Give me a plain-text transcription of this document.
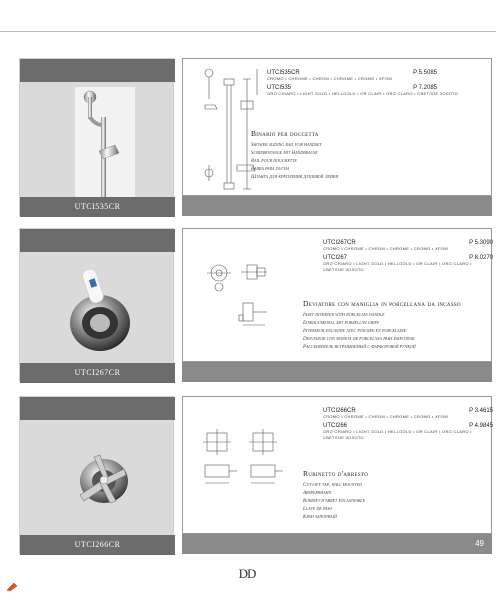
UTCI535CR
UTCI535CR	P 5.5085
CROMO • CHROME • CHROM • CHROME • CROMO • XPOM
UTCI535	P 7.2085
ORO CHIARO • LIGHT GOLD • HELLGOLD • OR CLAIR • ORO CLARO • СВЕТЛОЕ ЗОЛОТО
Binario per doccetta
Shower sliding rail for handset
Schiebestange mit Handbrause
Rail pour douchette
Barra para ducha
Штанга для крепления душевой лейки
UTCI267CR
UTCI267CR	P 5.3090
CROMO • CHROME • CHROM • CHROME • CROMO • XPOM
UTCI267	P 8.0270
ORO CHIARO • LIGHT GOLD • HELLGOLD • OR CLAIR • ORO CLARO • СВЕТЛОЕ ЗОЛОТО
Deviatore con maniglia in porcellana da incasso
Inset diverter with porcelain handle
Einbauumstell mit porzellan griff
Inverseur encastre avec poignee en porcelaine
Desviador con maneta de porcelana para empotrar
Рассеиватель встраиваемый с фарфоровой ручкой
UTCI266CR
UTCI266CR	P 3.4615
CROMO • CHROME • CHROM • CHROME • CROMO • XPOM
UTCI266	P 4.9845
ORO CHIARO • LIGHT GOLD • HELLGOLD • OR CLAIR • ORO CLARO • СВЕТЛОЕ ЗОЛОТО
Rubinetto d'arresto
Cut-off tap, wall mounted
Absperrhahn
Robinet d'arret encastrable
Llave de paso
Кран запорный
49
DD
